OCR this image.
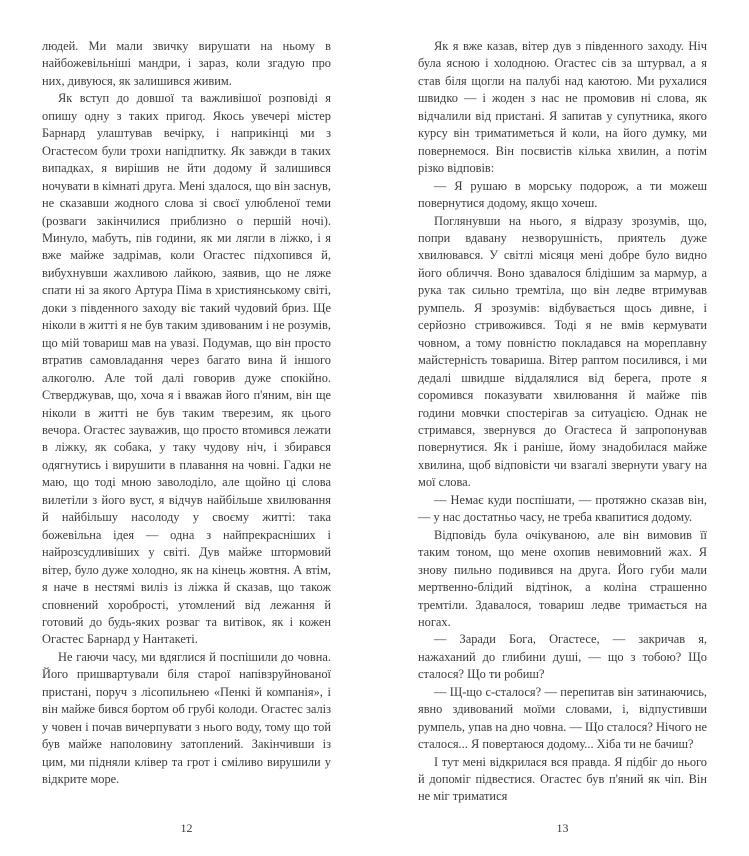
людей. Ми мали звичку вирушати на ньому в найбожевільніші мандри, і зараз, коли згадую про них, дивуюся, як залишився живим.

Як вступ до довшої та важливішої розповіді я опишу одну з таких пригод. Якось увечері містер Барнард улаштував вечірку, і наприкінці ми з Огастесом були трохи напідпитку. Як завжди в таких випадках, я вирішив не йти додому й залишився ночувати в кімнаті друга. Мені здалося, що він заснув, не сказавши жодного слова зі своєї улюбленої теми (розваги закінчилися приблизно о першій ночі). Минуло, мабуть, пів години, як ми лягли в ліжко, і я вже майже задрімав, коли Огастес підхопився й, вибухнувши жахливою лайкою, заявив, що не ляже спати ні за якого Артура Піма в християнському світі, доки з південного заходу віє такий чудовий бриз. Ще ніколи в житті я не був таким здивованим і не розумів, що мій товариш мав на увазі. Подумав, що він просто втратив самовладання через багато вина й іншого алкоголю. Але той далі говорив дуже спокійно. Стверджував, що, хоча я і вважав його п'яним, він ще ніколи в житті не був таким тверезим, як цього вечора. Огастес зауважив, що просто втомився лежати в ліжку, як собака, у таку чудову ніч, і збирався одягнутись і вирушити в плавання на човні. Гадки не маю, що тоді мною заволоділо, але щойно ці слова вилетіли з його вуст, я відчув найбільше хвилювання й найбільшу насолоду у своєму житті: така божевільна ідея — одна з найпрекрасніших і найрозсудливіших у світі. Дув майже штормовий вітер, було дуже холодно, як на кінець жовтня. А втім, я наче в нестямі виліз із ліжка й сказав, що також сповнений хоробрості, утомлений від лежання й готовий до будь-яких розваг та витівок, як і кожен Огастес Барнард у Нантакеті.

Не гаючи часу, ми вдяглися й поспішили до човна. Його пришвартували біля старої напівзруйнованої пристані, поруч з лісопильнею «Пенкі й компанія», і він майже бився бортом об грубі колоди. Огастес заліз у човен і почав вичерпувати з нього воду, тому що той був майже наполовину затоплений. Закінчивши із цим, ми підняли клівер та грот і сміливо вирушили у відкрите море.

12

Як я вже казав, вітер дув з південного заходу. Ніч була ясною і холодною. Огастес сів за штурвал, а я став біля щогли на палубі над каютою. Ми рухалися швидко — і жоден з нас не промовив ні слова, як відчалили від пристані. Я запитав у супутника, якого курсу він триматиметься й коли, на його думку, ми повернемося. Він посвистів кілька хвилин, а потім різко відповів:

— Я рушаю в морську подорож, а ти можеш повернутися додому, якщо хочеш.

Поглянувши на нього, я відразу зрозумів, що, попри вдавану незворушність, приятель дуже хвилювався. У світлі місяця мені добре було видно його обличчя. Воно здавалося блідішим за мармур, а рука так сильно тремтіла, що він ледве втримував румпель. Я зрозумів: відбувається щось дивне, і серйозно стривожився. Тоді я не вмів кермувати човном, а тому повністю покладався на мореплавну майстерність товариша. Вітер раптом посилився, і ми дедалі швидше віддалялися від берега, проте я соромився показувати хвилювання й майже пів години мовчки спостерігав за ситуацією. Однак не стримався, звернувся до Огастеса й запропонував повернутися. Як і раніше, йому знадобилася майже хвилина, щоб відповісти чи взагалі звернути увагу на мої слова.

— Немає куди поспішати, — протяжно сказав він, — у нас достатньо часу, не треба квапитися додому.

Відповідь була очікуваною, але він вимовив її таким тоном, що мене охопив невимовний жах. Я знову пильно подивився на друга. Його губи мали мертвенно-блідий відтінок, а коліна страшенно тремтіли. Здавалося, товариш ледве тримається на ногах.

— Заради Бога, Огастесе, — закричав я, нажаханий до глибини душі, — що з тобою? Що сталося? Що ти робиш?

— Щ-що с-сталося? — перепитав він затинаючись, явно здивований моїми словами, і, відпустивши румпель, упав на дно човна. — Що сталося? Нічого не сталося... Я повертаюся додому... Хіба ти не бачиш?

І тут мені відкрилася вся правда. Я підбіг до нього й допоміг підвестися. Огастес був п'яний як чіп. Він не міг триматися

13
